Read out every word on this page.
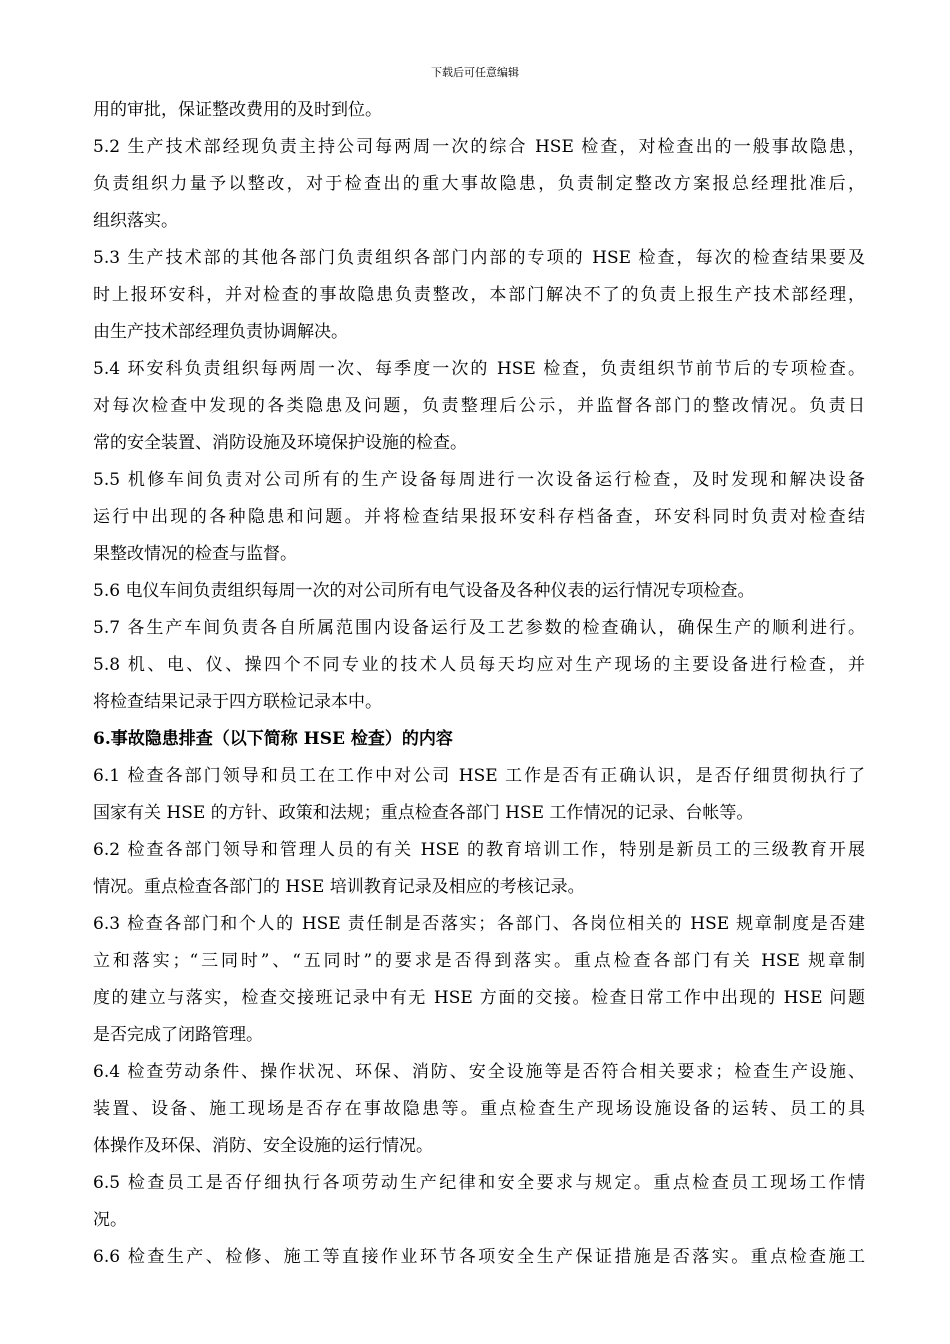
下载后可任意编辑
用的审批，保证整改费用的及时到位。
5.2 生产技术部经现负责主持公司每两周一次的综合 HSE 检查，对检查出的一般事故隐患，
负责组织力量予以整改，对于检查出的重大事故隐患，负责制定整改方案报总经理批准后，
组织落实。
5.3 生产技术部的其他各部门负责组织各部门内部的专项的 HSE 检查，每次的检查结果要及
时上报环安科，并对检查的事故隐患负责整改，本部门解决不了的负责上报生产技术部经理，
由生产技术部经理负责协调解决。
5.4 环安科负责组织每两周一次、每季度一次的 HSE 检查，负责组织节前节后的专项检查。
对每次检查中发现的各类隐患及问题，负责整理后公示，并监督各部门的整改情况。负责日
常的安全装置、消防设施及环境保护设施的检查。
5.5 机修车间负责对公司所有的生产设备每周进行一次设备运行检查，及时发现和解决设备
运行中出现的各种隐患和问题。并将检查结果报环安科存档备查，环安科同时负责对检查结
果整改情况的检查与监督。
5.6 电仪车间负责组织每周一次的对公司所有电气设备及各种仪表的运行情况专项检查。
5.7 各生产车间负责各自所属范围内设备运行及工艺参数的检查确认，确保生产的顺利进行。
5.8 机、电、仪、操四个不同专业的技术人员每天均应对生产现场的主要设备进行检查，并
将检查结果记录于四方联检记录本中。
6.事故隐患排查（以下简称 HSE 检查）的内容
6.1 检查各部门领导和员工在工作中对公司 HSE 工作是否有正确认识，是否仔细贯彻执行了
国家有关 HSE 的方针、政策和法规；重点检查各部门 HSE 工作情况的记录、台帐等。
6.2 检查各部门领导和管理人员的有关 HSE 的教育培训工作，特别是新员工的三级教育开展
情况。重点检查各部门的 HSE 培训教育记录及相应的考核记录。
6.3 检查各部门和个人的 HSE 责任制是否落实；各部门、各岗位相关的 HSE 规章制度是否建
立和落实；“三同时”、“五同时”的要求是否得到落实。重点检查各部门有关 HSE 规章制
度的建立与落实，检查交接班记录中有无 HSE 方面的交接。检查日常工作中出现的 HSE 问题
是否完成了闭路管理。
6.4 检查劳动条件、操作状况、环保、消防、安全设施等是否符合相关要求；检查生产设施、
装置、设备、施工现场是否存在事故隐患等。重点检查生产现场设施设备的运转、员工的具
体操作及环保、消防、安全设施的运行情况。
6.5 检查员工是否仔细执行各项劳动生产纪律和安全要求与规定。重点检查员工现场工作情
况。
6.6 检查生产、检修、施工等直接作业环节各项安全生产保证措施是否落实。重点检查施工
